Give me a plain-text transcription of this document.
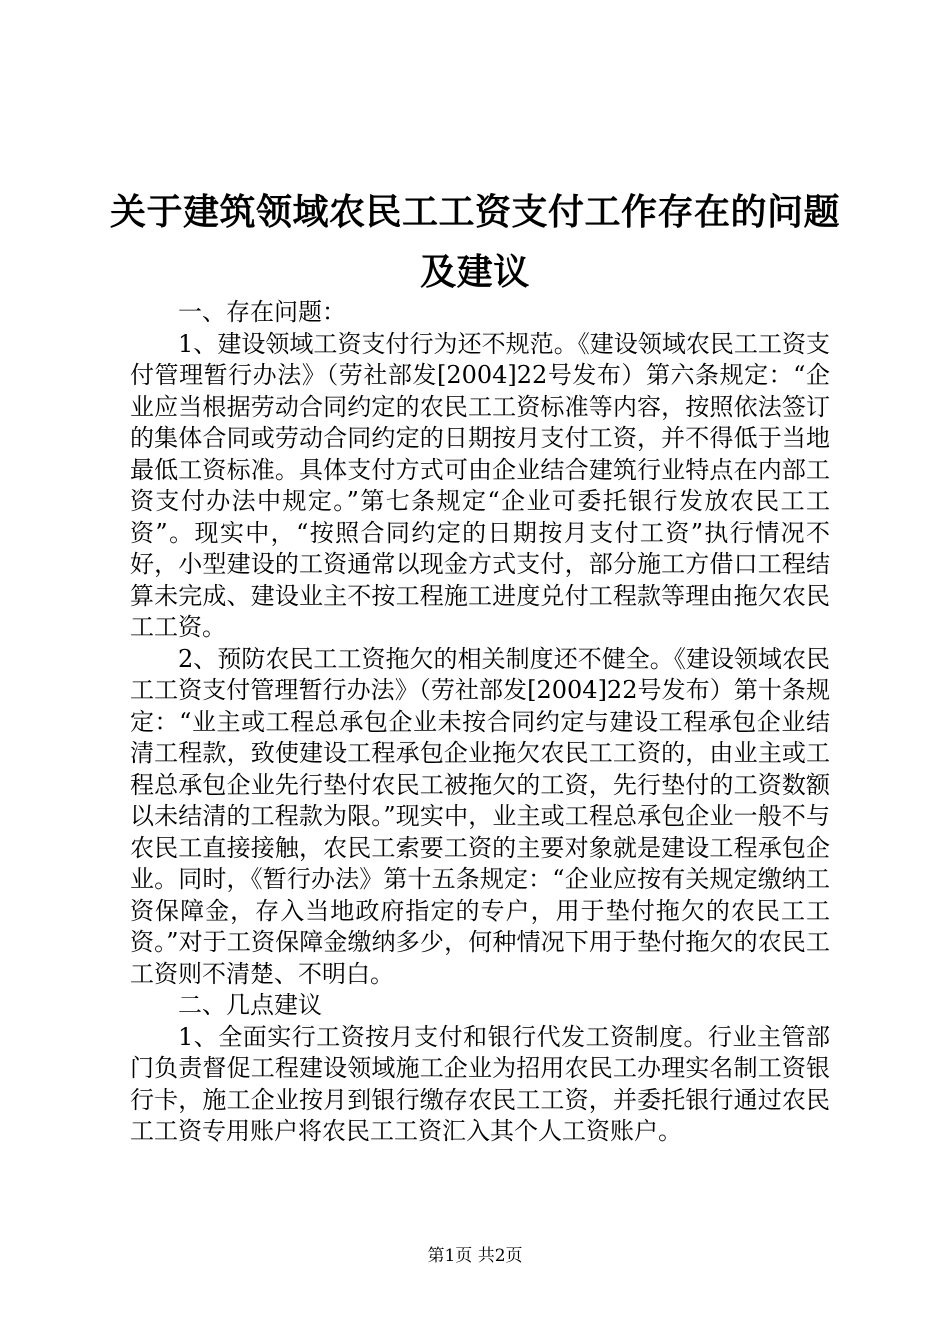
关于建筑领域农民工工资支付工作存在的问题
及建议

一、存在问题：

1、建设领域工资支付行为还不规范。《建设领域农民工工资支付管理暂行办法》（劳社部发[2004]22号发布）第六条规定：“企业应当根据劳动合同约定的农民工工资标准等内容，按照依法签订的集体合同或劳动合同约定的日期按月支付工资，并不得低于当地最低工资标准。具体支付方式可由企业结合建筑行业特点在内部工资支付办法中规定。”第七条规定“企业可委托银行发放农民工工资”。现实中，“按照合同约定的日期按月支付工资”执行情况不好，小型建设的工资通常以现金方式支付，部分施工方借口工程结算未完成、建设业主不按工程施工进度兑付工程款等理由拖欠农民工工资。

2、预防农民工工资拖欠的相关制度还不健全。《建设领域农民工工资支付管理暂行办法》（劳社部发[2004]22号发布）第十条规定：“业主或工程总承包企业未按合同约定与建设工程承包企业结清工程款，致使建设工程承包企业拖欠农民工工资的，由业主或工程总承包企业先行垫付农民工被拖欠的工资，先行垫付的工资数额以未结清的工程款为限。”现实中，业主或工程总承包企业一般不与农民工直接接触，农民工索要工资的主要对象就是建设工程承包企业。同时，《暂行办法》第十五条规定：“企业应按有关规定缴纳工资保障金，存入当地政府指定的专户，用于垫付拖欠的农民工工资。”对于工资保障金缴纳多少，何种情况下用于垫付拖欠的农民工工资则不清楚、不明白。

二、几点建议

1、全面实行工资按月支付和银行代发工资制度。行业主管部门负责督促工程建设领域施工企业为招用农民工办理实名制工资银行卡，施工企业按月到银行缴存农民工工资，并委托银行通过农民工工资专用账户将农民工工资汇入其个人工资账户。

第1页 共2页
